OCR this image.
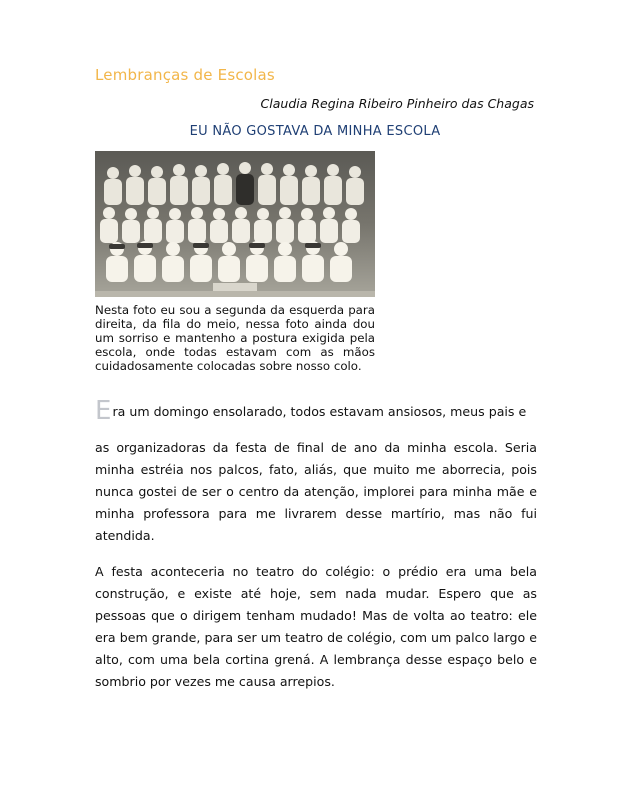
Lembranças de Escolas
Claudia Regina Ribeiro Pinheiro das Chagas
EU NÃO GOSTAVA DA MINHA ESCOLA
Nesta foto eu sou a segunda da esquerda para direita, da fila do meio, nessa foto ainda dou um sorriso e mantenho a postura exigida pela escola, onde todas estavam com as mãos cuidadosamente colocadas sobre nosso colo.

Era um domingo ensolarado, todos estavam ansiosos, meus pais e

as organizadoras da festa de final de ano da minha escola. Seria minha estréia nos palcos, fato, aliás, que muito me aborrecia, pois nunca gostei de ser o centro da atenção, implorei para minha mãe e minha professora para me livrarem desse martírio, mas não fui atendida.

A festa aconteceria no teatro do colégio: o prédio era uma bela construção, e existe até hoje, sem nada mudar. Espero que as pessoas que o dirigem tenham mudado! Mas de volta ao teatro: ele era bem grande, para ser um teatro de colégio, com um palco largo e alto, com uma bela cortina grená. A lembrança desse espaço belo e sombrio por vezes me causa arrepios.
